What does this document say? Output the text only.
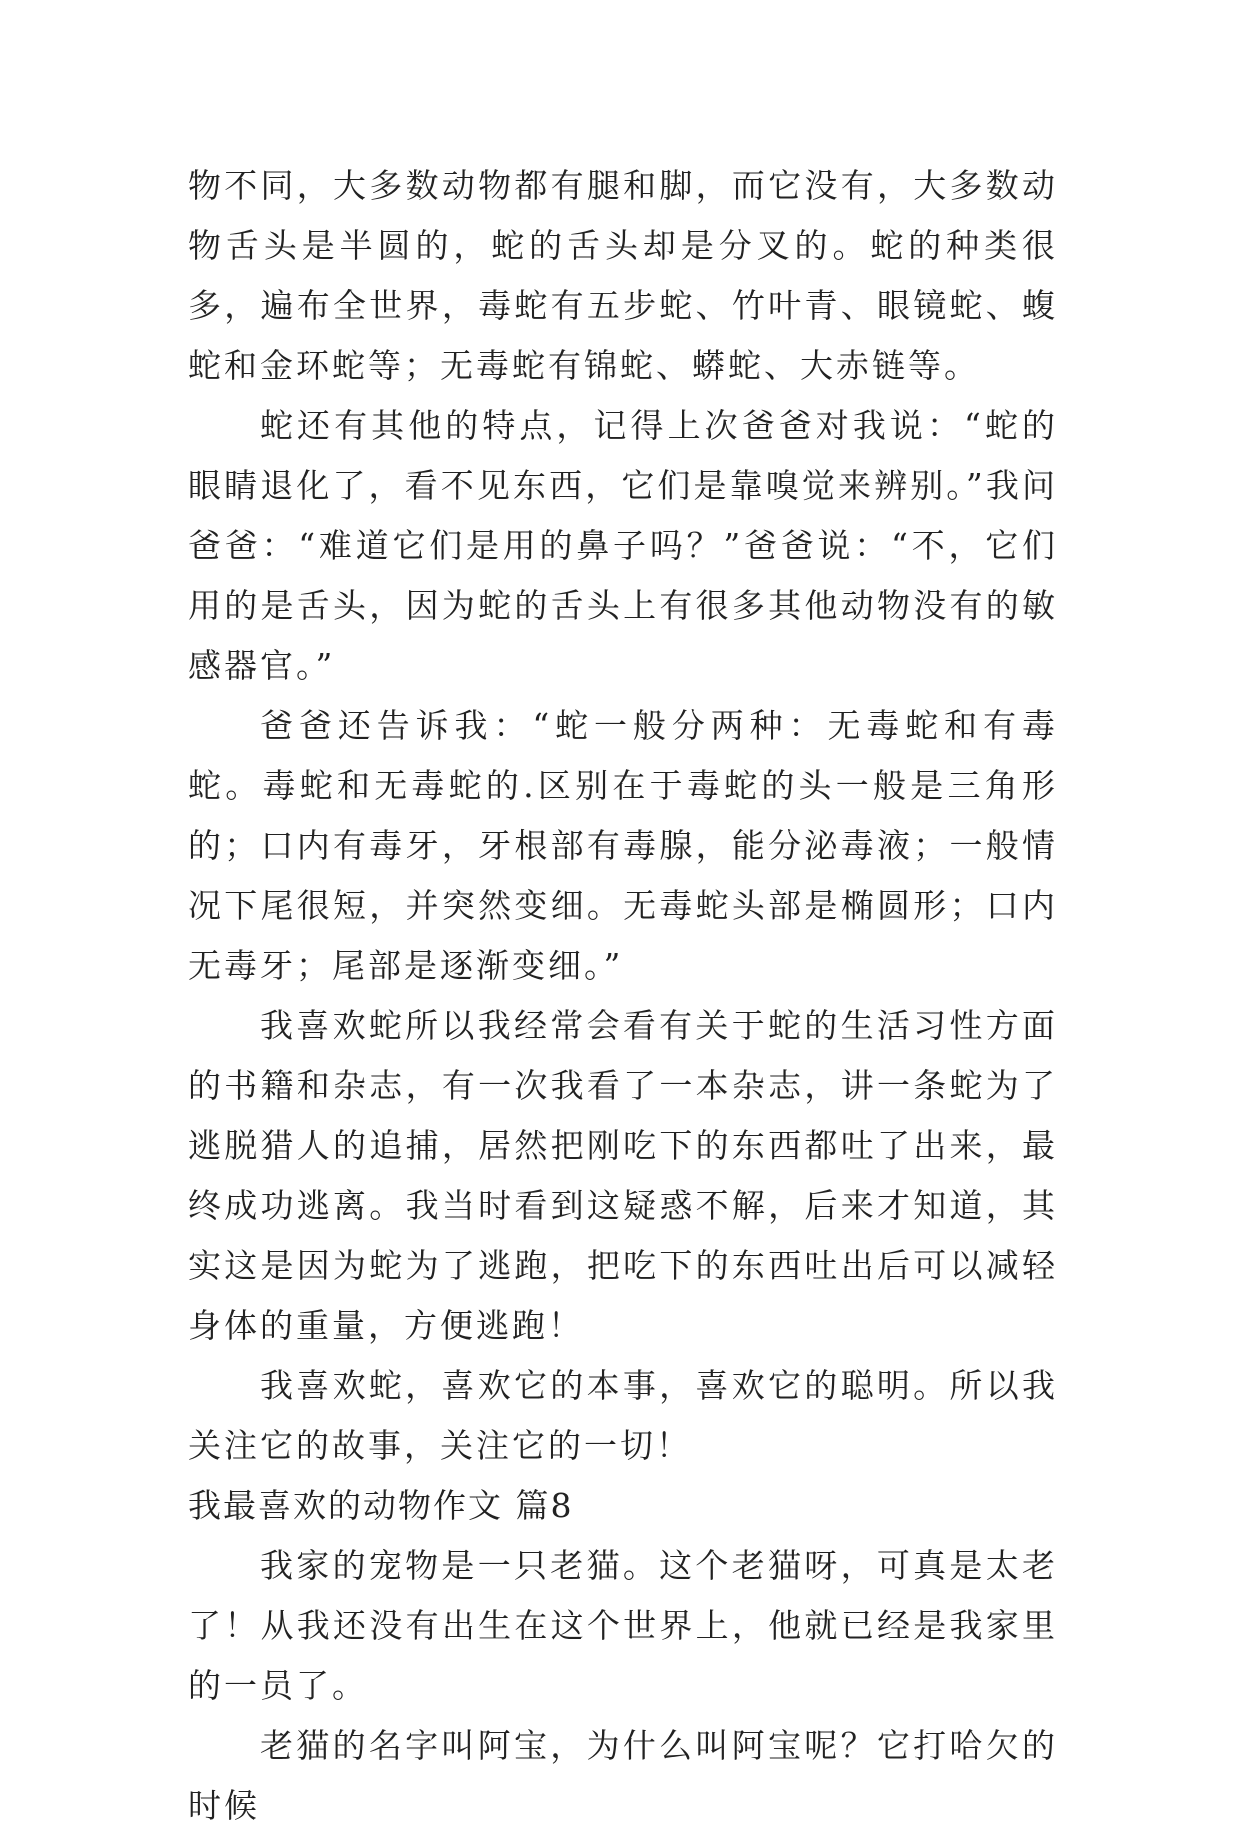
物不同，大多数动物都有腿和脚，而它没有，大多数动物舌头是半圆的，蛇的舌头却是分叉的。蛇的种类很多，遍布全世界，毒蛇有五步蛇、竹叶青、眼镜蛇、蝮蛇和金环蛇等；无毒蛇有锦蛇、蟒蛇、大赤链等。

蛇还有其他的特点，记得上次爸爸对我说：“蛇的眼睛退化了，看不见东西，它们是靠嗅觉来辨别。”我问爸爸：“难道它们是用的鼻子吗？”爸爸说：“不，它们用的是舌头，因为蛇的舌头上有很多其他动物没有的敏感器官。”

爸爸还告诉我：“蛇一般分两种：无毒蛇和有毒蛇。毒蛇和无毒蛇的.区别在于毒蛇的头一般是三角形的；口内有毒牙，牙根部有毒腺，能分泌毒液；一般情况下尾很短，并突然变细。无毒蛇头部是椭圆形；口内无毒牙；尾部是逐渐变细。”

我喜欢蛇所以我经常会看有关于蛇的生活习性方面的书籍和杂志，有一次我看了一本杂志，讲一条蛇为了逃脱猎人的追捕，居然把刚吃下的东西都吐了出来，最终成功逃离。我当时看到这疑惑不解，后来才知道，其实这是因为蛇为了逃跑，把吃下的东西吐出后可以减轻身体的重量，方便逃跑！

我喜欢蛇，喜欢它的本事，喜欢它的聪明。所以我关注它的故事，关注它的一切！

我最喜欢的动物作文 篇8

我家的宠物是一只老猫。这个老猫呀，可真是太老了！从我还没有出生在这个世界上，他就已经是我家里的一员了。

老猫的名字叫阿宝，为什么叫阿宝呢？它打哈欠的时候
